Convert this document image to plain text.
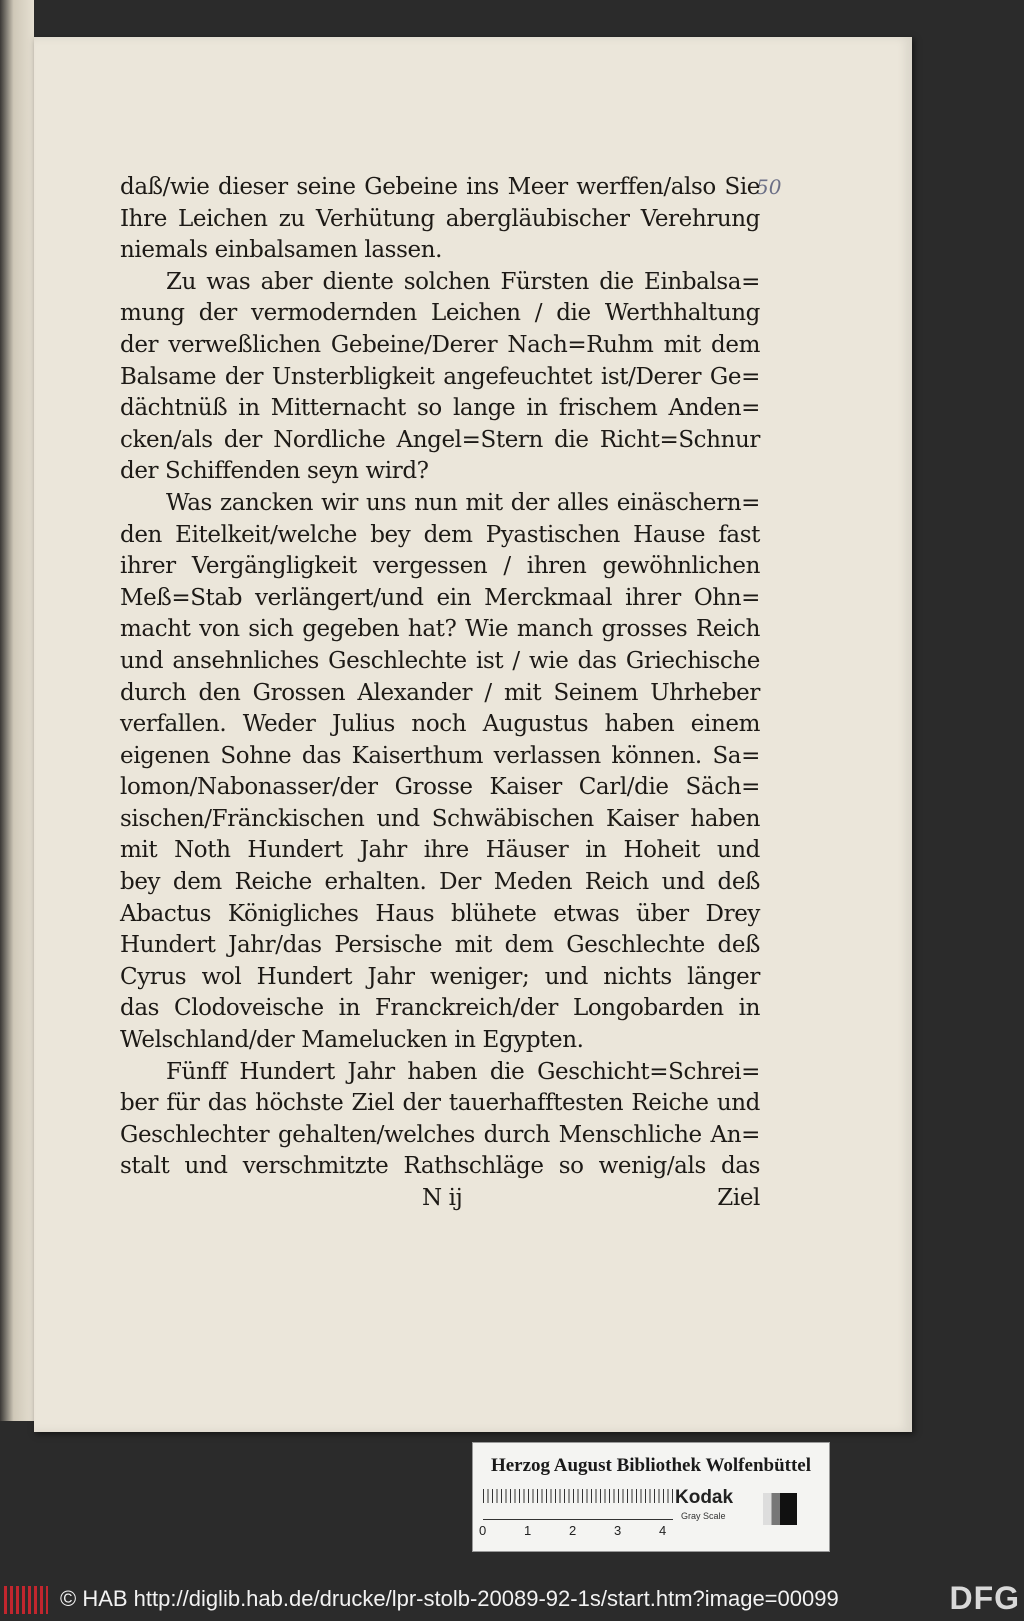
50
daß/wie dieser seine Gebeine ins Meer werffen/also Sie
Ihre Leichen zu Verhütung abergläubischer Verehrung
niemals einbalsamen lassen.
Zu was aber diente solchen Fürsten die Einbalsa=
mung der vermodernden Leichen / die Werthhaltung
der verweßlichen Gebeine/Derer Nach=Ruhm mit dem
Balsame der Unsterbligkeit angefeuchtet ist/Derer Ge=
dächtnüß in Mitternacht so lange in frischem Anden=
cken/als der Nordliche Angel=Stern die Richt=Schnur
der Schiffenden seyn wird?
Was zancken wir uns nun mit der alles einäschern=
den Eitelkeit/welche bey dem Pyastischen Hause fast
ihrer Vergängligkeit vergessen / ihren gewöhnlichen
Meß=Stab verlängert/und ein Merckmaal ihrer Ohn=
macht von sich gegeben hat? Wie manch grosses Reich
und ansehnliches Geschlechte ist / wie das Griechische
durch den Grossen Alexander / mit Seinem Uhrheber
verfallen. Weder Julius noch Augustus haben einem
eigenen Sohne das Kaiserthum verlassen können. Sa=
lomon/Nabonasser/der Grosse Kaiser Carl/die Säch=
sischen/Fränckischen und Schwäbischen Kaiser haben
mit Noth Hundert Jahr ihre Häuser in Hoheit und
bey dem Reiche erhalten. Der Meden Reich und deß
Abactus Königliches Haus blühete etwas über Drey
Hundert Jahr/das Persische mit dem Geschlechte deß
Cyrus wol Hundert Jahr weniger; und nichts länger
das Clodoveische in Franckreich/der Longobarden in
Welschland/der Mamelucken in Egypten.
Fünff Hundert Jahr haben die Geschicht=Schrei=
ber für das höchste Ziel der tauerhafftesten Reiche und
Geschlechter gehalten/welches durch Menschliche An=
stalt und verschmitzte Rathschläge so wenig/als das
N ij	Ziel
Herzog August Bibliothek Wolfenbüttel
0	1	2	3	4
Kodak
Gray Scale
© HAB http://diglib.hab.de/drucke/lpr-stolb-20089-92-1s/start.htm?image=00099	DFG
